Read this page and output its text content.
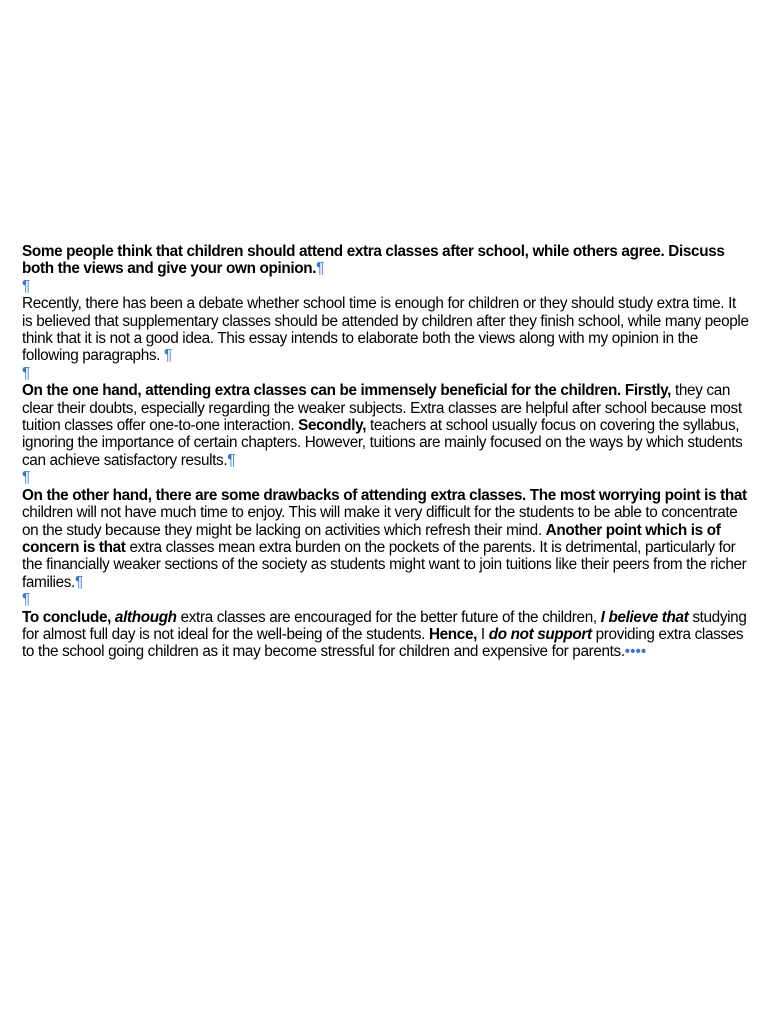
Some people think that children should attend extra classes after school, while others agree. Discuss both the views and give your own opinion.¶

¶

Recently, there has been a debate whether school time is enough for children or they should study extra time. It is believed that supplementary classes should be attended by children after they finish school, while many people think that it is not a good idea. This essay intends to elaborate both the views along with my opinion in the following paragraphs. ¶

¶

On the one hand, attending extra classes can be immensely beneficial for the children. Firstly, they can clear their doubts, especially regarding the weaker subjects. Extra classes are helpful after school because most tuition classes offer one-to-one interaction. Secondly, teachers at school usually focus on covering the syllabus, ignoring the importance of certain chapters. However, tuitions are mainly focused on the ways by which students can achieve satisfactory results.¶

¶

On the other hand, there are some drawbacks of attending extra classes. The most worrying point is that children will not have much time to enjoy. This will make it very difficult for the students to be able to concentrate on the study because they might be lacking on activities which refresh their mind. Another point which is of concern is that extra classes mean extra burden on the pockets of the parents. It is detrimental, particularly for the financially weaker sections of the society as students might want to join tuitions like their peers from the richer families.¶

¶

To conclude, although extra classes are encouraged for the better future of the children, I believe that studying for almost full day is not ideal for the well-being of the students. Hence, I do not support providing extra classes to the school going children as it may become stressful for children and expensive for parents.••••
